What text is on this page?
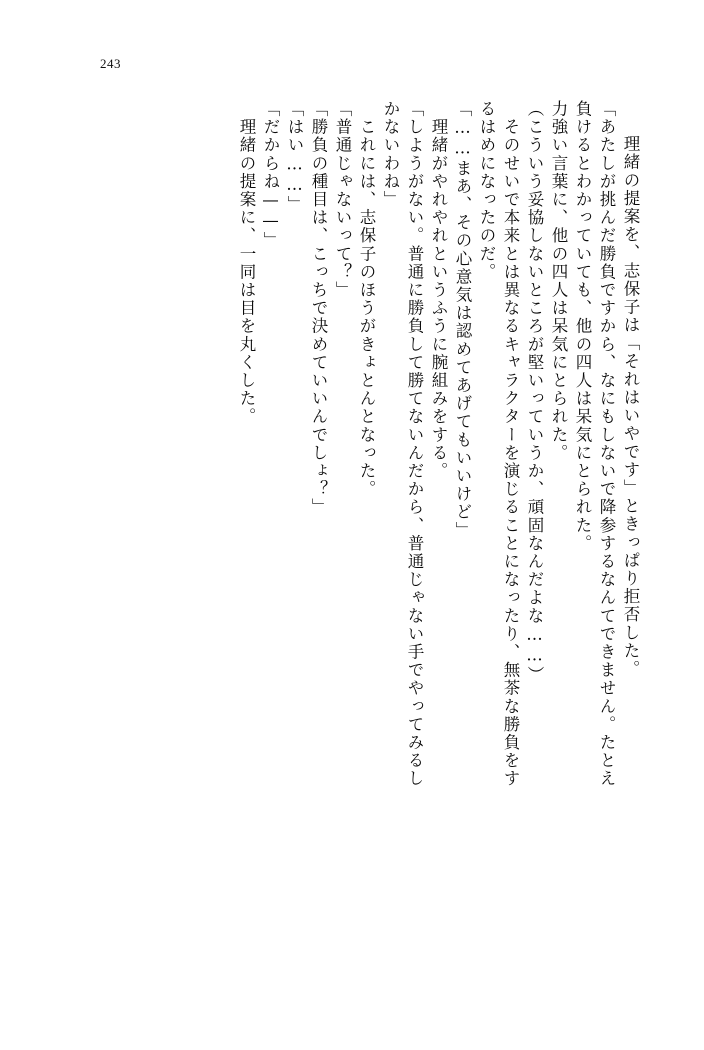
243
　理緒の提案を、志保子は「それはいやです」ときっぱり拒否した。
「あたしが挑んだ勝負ですから、なにもしないで降参するなんてできません。たとえ
負けるとわかっていても、他の四人は呆気にとられた。
力強い言葉に、他の四人は呆気にとられた。
（こういう妥協しないところが堅いっていうか、頑固なんだよな……）
　そのせいで本来とは異なるキャラクターを演じることになったり、無茶な勝負をす
るはめになったのだ。
「……まあ、その心意気は認めてあげてもいいけど」
　理緒がやれやれというふうに腕組みをする。
「しようがない。普通に勝負して勝てないんだから、普通じゃない手でやってみるし
かないわね」
　これには、志保子のほうがきょとんとなった。
「普通じゃないって？」
「勝負の種目は、こっちで決めていいんでしょ？」
「はい……」
「だからね——」
　理緒の提案に、一同は目を丸くした。
